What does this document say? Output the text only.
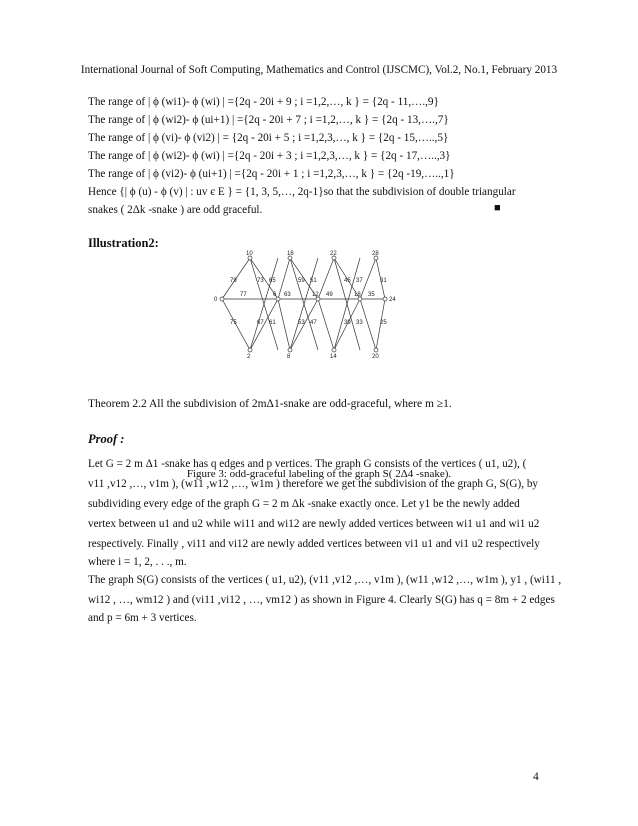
International Journal of Soft Computing, Mathematics and Control (IJSCMC), Vol.2, No.1, February 2013
The range of | ϕ (wi1)- ϕ (wi) | ={2q - 20i + 9 ; i =1,2,…, k } = {2q - 11,….,9}
The range of | ϕ (wi2)- ϕ (ui+1) | ={2q - 20i + 7 ; i =1,2,…, k } = {2q - 13,….,7}
The range of | ϕ (vi)- ϕ (vi2) | = {2q - 20i + 5 ; i =1,2,3,…, k } = {2q - 15,…..,5}
The range of | ϕ (wi2)- ϕ (wi) | ={2q - 20i + 3 ; i =1,2,3,…, k } = {2q - 17,…..,3}
The range of | ϕ (vi2)- ϕ (ui+1) | ={2q - 20i + 1 ; i =1,2,3,…, k } = {2q -19,…..,1}
Hence {| ϕ (u) - ϕ (v) | : uv є E } = {1, 3, 5,…, 2q-1}so that the subdivision of double triangular
snakes ( 2Δk -snake ) are odd graceful.	■
Illustration2:
10	16	22	28
79	73 65	59 51	45 37	31
0	24
77	63	49	35
6	12	18
75	67 61	53 47	39 33	25
2	8	14	20
Figure 3: odd-graceful labeling of the graph S( 2Δ4 -snake).
Theorem 2.2 All the subdivision of 2mΔ1-snake are odd-graceful, where m ≥1.
Proof :
Let G = 2 m Δ1 -snake has q edges and p vertices. The graph G consists of the vertices ( u1, u2), (
v11 ,v12 ,…, v1m ), (w11 ,w12 ,…, w1m ) therefore we get the subdivision of the graph G, S(G), by
subdividing every edge of the graph G = 2 m Δk -snake exactly once. Let y1 be the newly added
vertex between u1 and u2 while wi11 and wi12 are newly added vertices between wi1 u1 and wi1 u2
respectively. Finally , vi11 and vi12 are newly added vertices between vi1 u1 and vi1 u2 respectively
where i = 1, 2, . . ., m.
The graph S(G) consists of the vertices ( u1, u2), (v11 ,v12 ,…, v1m ), (w11 ,w12 ,…, w1m ), y1 , (wi11 ,
wi12 , …, wm12 ) and (vi11 ,vi12 , …, vm12 ) as shown in Figure 4. Clearly S(G) has q = 8m + 2 edges
and p = 6m + 3 vertices.
4
